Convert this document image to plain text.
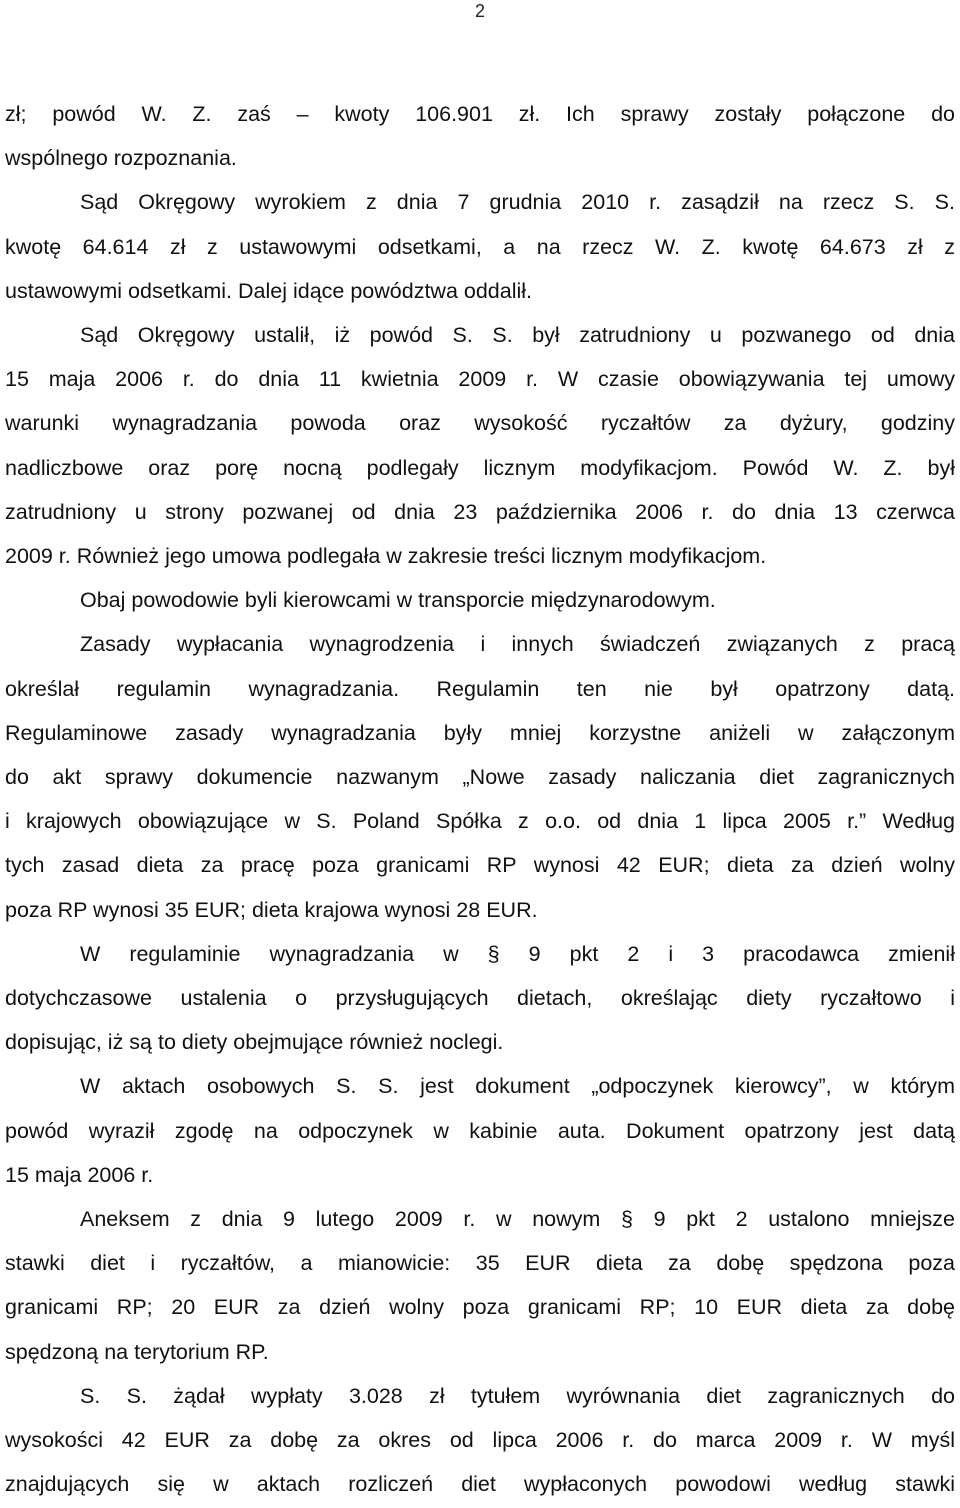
2
zł; powód W. Z. zaś – kwoty 106.901 zł. Ich sprawy zostały połączone do
wspólnego rozpoznania.
Sąd Okręgowy wyrokiem z dnia 7 grudnia 2010 r. zasądził na rzecz S. S.
kwotę 64.614 zł z ustawowymi odsetkami, a na rzecz W. Z. kwotę 64.673 zł z
ustawowymi odsetkami. Dalej idące powództwa oddalił.
Sąd Okręgowy ustalił, iż powód S. S. był zatrudniony u pozwanego od dnia
15 maja 2006 r. do dnia 11 kwietnia 2009 r. W czasie obowiązywania tej umowy
warunki wynagradzania powoda oraz wysokość ryczałtów za dyżury, godziny
nadliczbowe oraz porę nocną podlegały licznym modyfikacjom. Powód W. Z. był
zatrudniony u strony pozwanej od dnia 23 października 2006 r. do dnia 13 czerwca
2009 r. Również jego umowa podlegała w zakresie treści licznym modyfikacjom.
Obaj powodowie byli kierowcami w transporcie międzynarodowym.
Zasady wypłacania wynagrodzenia i innych świadczeń związanych z pracą
określał regulamin wynagradzania. Regulamin ten nie był opatrzony datą.
Regulaminowe zasady wynagradzania były mniej korzystne aniżeli w załączonym
do akt sprawy dokumencie nazwanym „Nowe zasady naliczania diet zagranicznych
i krajowych obowiązujące w S. Poland Spółka z o.o. od dnia 1 lipca 2005 r.” Według
tych zasad dieta za pracę poza granicami RP wynosi 42 EUR; dieta za dzień wolny
poza RP wynosi 35 EUR; dieta krajowa wynosi 28 EUR.
W regulaminie wynagradzania w § 9 pkt 2 i 3 pracodawca zmienił
dotychczasowe ustalenia o przysługujących dietach, określając diety ryczałtowo i
dopisując, iż są to diety obejmujące również noclegi.
W aktach osobowych S. S. jest dokument „odpoczynek kierowcy”, w którym
powód wyraził zgodę na odpoczynek w kabinie auta. Dokument opatrzony jest datą
15 maja 2006 r.
Aneksem z dnia 9 lutego 2009 r. w nowym § 9 pkt 2 ustalono mniejsze
stawki diet i ryczałtów, a mianowicie: 35 EUR dieta za dobę spędzona poza
granicami RP; 20 EUR za dzień wolny poza granicami RP; 10 EUR dieta za dobę
spędzoną na terytorium RP.
S. S. żądał wypłaty 3.028 zł tytułem wyrównania diet zagranicznych do
wysokości 42 EUR za dobę za okres od lipca 2006 r. do marca 2009 r. W myśl
znajdujących się w aktach rozliczeń diet wypłaconych powodowi według stawki
